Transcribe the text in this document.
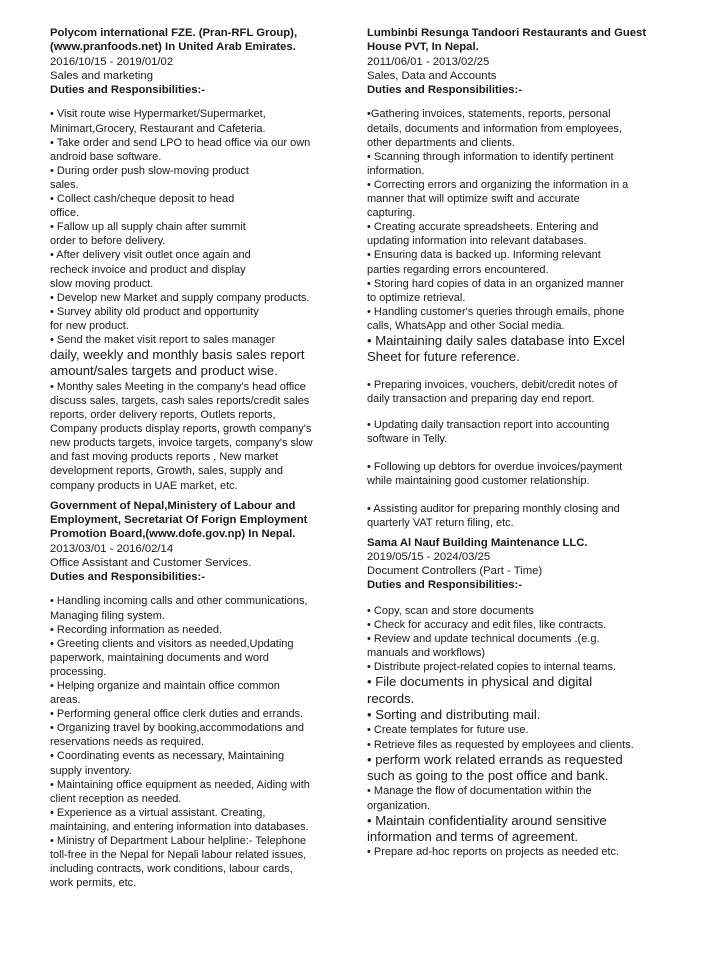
Polycom international FZE. (Pran-RFL Group),
(www.pranfoods.net) In United Arab Emirates.
2016/10/15 - 2019/01/02
Sales and marketing
Duties and Responsibilities:-
• Visit route wise Hypermarket/Supermarket,
Minimart,Grocery, Restaurant and Cafeteria.
• Take order and send LPO to head office via our own
android base software.
• During order push slow-moving product
sales.
• Collect cash/cheque deposit to head
office.
• Fallow up all supply chain after summit
order to before delivery.
• After delivery visit outlet once again and
recheck invoice and product and display
slow moving product.
• Develop new Market and supply company products.
• Survey ability old product and opportunity
for new product.
• Send the maket visit report to sales manager
daily, weekly and monthly basis sales report
amount/sales targets and product wise.
• Monthy sales Meeting in the company's head office
discuss sales, targets, cash sales reports/credit sales
reports, order delivery reports, Outlets reports,
Company products display reports, growth company's
new products targets, invoice targets, company's slow
and fast moving products reports , New market
development reports, Growth, sales, supply and
company products in UAE market, etc.
Government of Nepal,Ministery of Labour and
Employment, Secretariat Of Forign Employment
Promotion Board,(www.dofe.gov.np) In Nepal.
2013/03/01 - 2016/02/14
Office Assistant and Customer Services.
Duties and Responsibilities:-
• Handling incoming calls and other communications,
Managing filing system.
• Recording information as needed.
• Greeting clients and visitors as needed,Updating
paperwork, maintaining documents and word
processing.
• Helping organize and maintain office common
areas.
• Performing general office clerk duties and errands.
• Organizing travel by booking,accommodations and
reservations needs as required.
• Coordinating events as necessary, Maintaining
supply inventory.
• Maintaining office equipment as needed, Aiding with
client reception as needed.
• Experience as a virtual assistant. Creating,
maintaining, and entering information into databases.
• Ministry of Department Labour helpline:- Telephone
toll-free in the Nepal for Nepali labour related issues,
including contracts, work conditions, labour cards,
work permits, etc.
Lumbinbi Resunga Tandoori Restaurants and Guest
House PVT, In Nepal.
2011/06/01 - 2013/02/25
Sales, Data and Accounts
Duties and Responsibilities:-
•Gathering invoices, statements, reports, personal
details, documents and information from employees,
other departments and clients.
• Scanning through information to identify pertinent
information.
• Correcting errors and organizing the information in a
manner that will optimize swift and accurate
capturing.
• Creating accurate spreadsheets. Entering and
updating information into relevant databases.
• Ensuring data is backed up. Informing relevant
parties regarding errors encountered.
• Storing hard copies of data in an organized manner
to optimize retrieval.
• Handling customer's queries through emails, phone
calls, WhatsApp and other Social media.
• Maintaining daily sales database into Excel
Sheet for future reference.
• Preparing invoices, vouchers, debit/credit notes of
daily transaction and preparing day end report.
• Updating daily transaction report into accounting
software in Telly.
• Following up debtors for overdue invoices/payment
while maintaining good customer relationship.
• Assisting auditor for preparing monthly closing and
quarterly VAT return filing, etc.
Sama Al Nauf Building Maintenance LLC.
2019/05/15 - 2024/03/25
Document Controllers (Part - Time)
Duties and Responsibilities:-
• Copy, scan and store documents
• Check for accuracy and edit files, like contracts.
• Review and update technical documents .(e.g.
manuals and workflows)
• Distribute project-related copies to internal teams.
• File documents in physical and digital
records.
• Sorting and distributing mail.
• Create templates for future use.
• Retrieve files as requested by employees and clients.
• perform work related errands as requested
such as going to the post office and bank.
• Manage the flow of documentation within the
organization.
• Maintain confidentiality around sensitive
information and terms of agreement.
• Prepare ad-hoc reports on projects as needed etc.
